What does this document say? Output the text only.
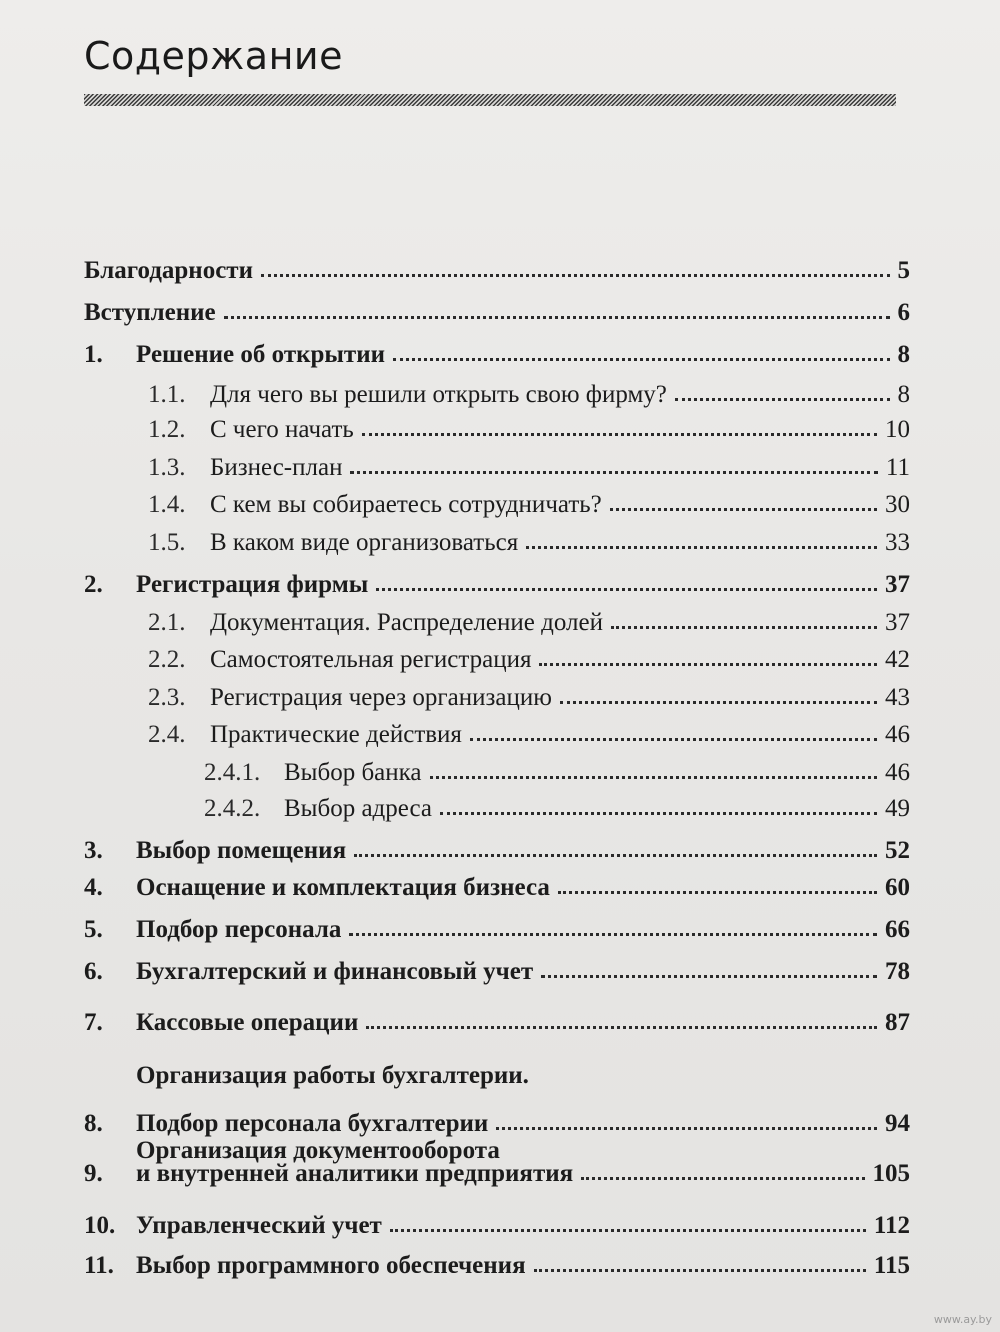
Содержание
Благодарности	5
Вступление	6
1. Решение об открытии	8
1.1. Для чего вы решили открыть свою фирму?	8
1.2. С чего начать	10
1.3. Бизнес-план	11
1.4. С кем вы собираетесь сотрудничать?	30
1.5. В каком виде организоваться	33
2. Регистрация фирмы	37
2.1. Документация. Распределение долей	37
2.2. Самостоятельная регистрация	42
2.3. Регистрация через организацию	43
2.4. Практические действия	46
2.4.1. Выбор банка	46
2.4.2. Выбор адреса	49
3. Выбор помещения	52
4. Оснащение и комплектация бизнеса	60
5. Подбор персонала	66
6. Бухгалтерский и финансовый учет	78
7. Кассовые операции	87
Организация работы бухгалтерии.
8. Подбор персонала бухгалтерии	94
Организация документооборота
9. и внутренней аналитики предприятия	105
10. Управленческий учет	112
11. Выбор программного обеспечения	115
www.ay.by
